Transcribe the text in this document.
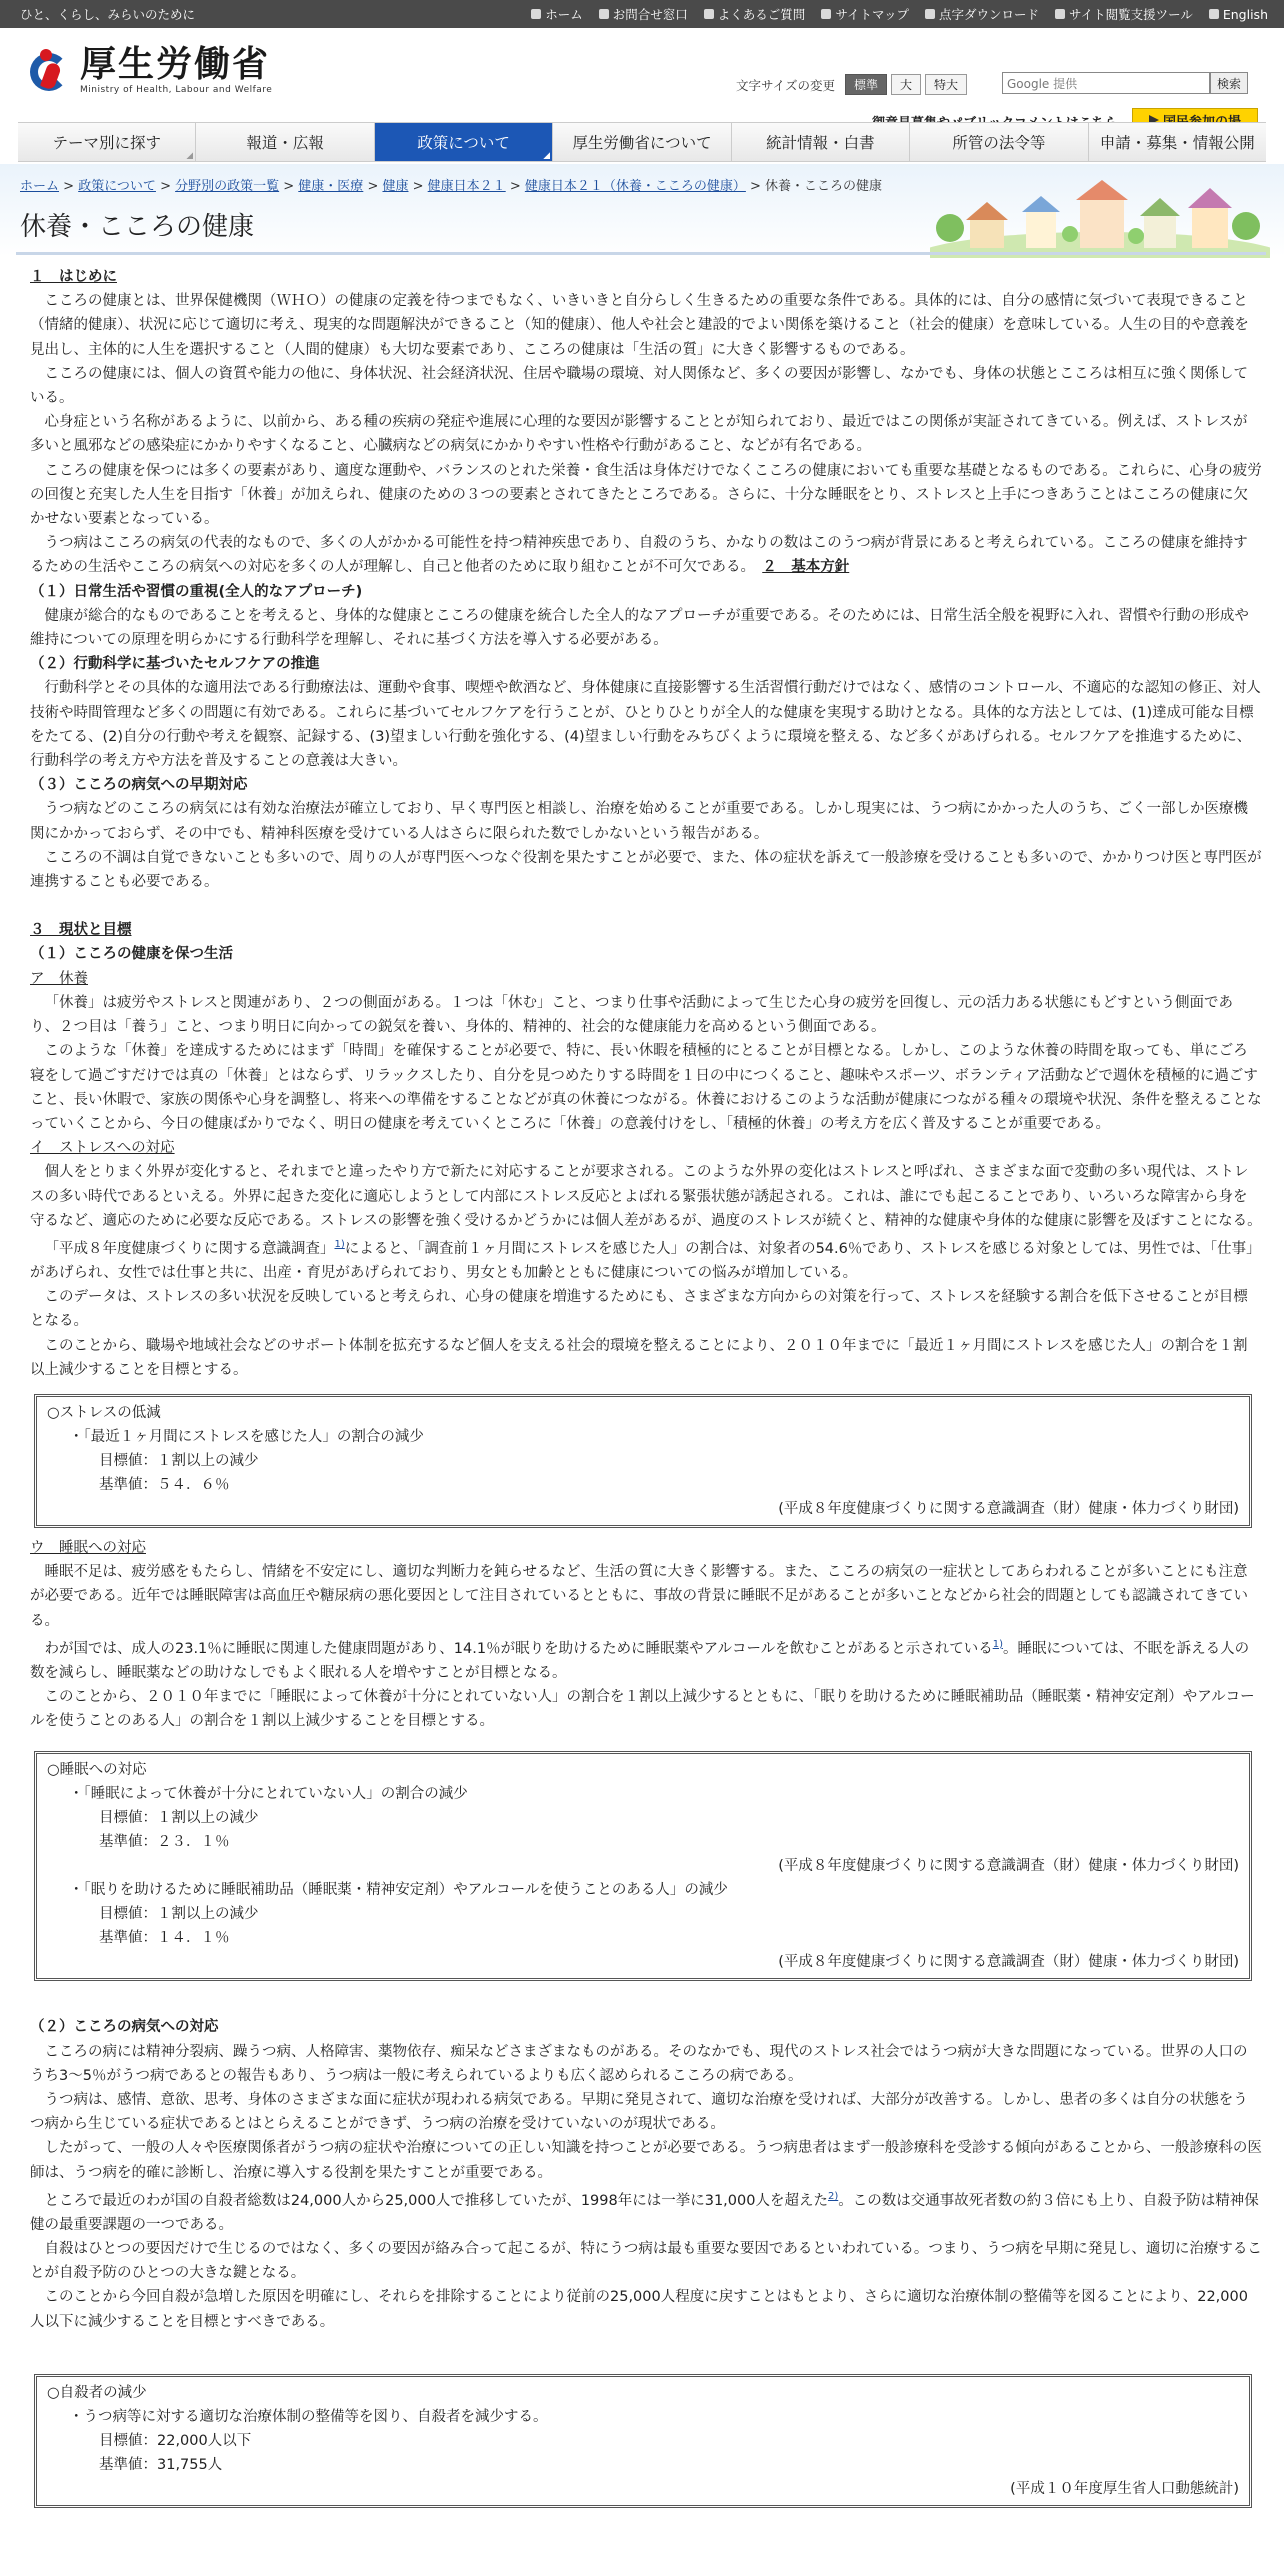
ひと、くらし、みらいのために	ホーム お問合せ窓口 よくあるご質問 サイトマップ 点字ダウンロード サイト閲覧支援ツール English
厚生労働省
Ministry of Health, Labour and Welfare	文字サイズの変更	標準	大	特大	Google 提供	検索
テーマ別に探す	報道・広報	政策について	厚生労働省について	統計情報・白書	所管の法令等	申請・募集・情報公開
ホーム > 政策について > 分野別の政策一覧 > 健康・医療 > 健康 > 健康日本２１ > 健康日本２１（休養・こころの健康） > 休養・こころの健康
休養・こころの健康
１　はじめに

こころの健康とは、世界保健機関（ＷＨＯ）の健康の定義を待つまでもなく、いきいきと自分らしく生きるための重要な条件である。具体的には、自分の感情に気づいて表現できること（情緒的健康）、状況に応じて適切に考え、現実的な問題解決ができること（知的健康）、他人や社会と建設的でよい関係を築けること（社会的健康）を意味している。人生の目的や意義を見出し、主体的に人生を選択すること（人間的健康）も大切な要素であり、こころの健康は「生活の質」に大きく影響するものである。

こころの健康には、個人の資質や能力の他に、身体状況、社会経済状況、住居や職場の環境、対人関係など、多くの要因が影響し、なかでも、身体の状態とこころは相互に強く関係している。

心身症という名称があるように、以前から、ある種の疾病の発症や進展に心理的な要因が影響することとが知られており、最近ではこの関係が実証されてきている。例えば、ストレスが多いと風邪などの感染症にかかりやすくなること、心臓病などの病気にかかりやすい性格や行動があること、などが有名である。

こころの健康を保つには多くの要素があり、適度な運動や、バランスのとれた栄養・食生活は身体だけでなくこころの健康においても重要な基礎となるものである。これらに、心身の疲労の回復と充実した人生を目指す「休養」が加えられ、健康のための３つの要素とされてきたところである。さらに、十分な睡眠をとり、ストレスと上手につきあうことはこころの健康に欠かせない要素となっている。

うつ病はこころの病気の代表的なもので、多くの人がかかる可能性を持つ精神疾患であり、自殺のうち、かなりの数はこのうつ病が背景にあると考えられている。こころの健康を維持するための生活やこころの病気への対応を多くの人が理解し、自己と他者のために取り組むことが不可欠である。　 ２　基本方針

（１）日常生活や習慣の重視(全人的なアプローチ)

健康が総合的なものであることを考えると、身体的な健康とこころの健康を統合した全人的なアプローチが重要である。そのためには、日常生活全般を視野に入れ、習慣や行動の形成や維持についての原理を明らかにする行動科学を理解し、それに基づく方法を導入する必要がある。

（２）行動科学に基づいたセルフケアの推進

行動科学とその具体的な適用法である行動療法は、運動や食事、喫煙や飲酒など、身体健康に直接影響する生活習慣行動だけではなく、感情のコントロール、不適応的な認知の修正、対人技術や時間管理など多くの問題に有効である。これらに基づいてセルフケアを行うことが、ひとりひとりが全人的な健康を実現する助けとなる。具体的な方法としては、(1)達成可能な目標をたてる、(2)自分の行動や考えを観察、記録する、(3)望ましい行動を強化する、(4)望ましい行動をみちびくように環境を整える、など多くがあげられる。セルフケアを推進するために、行動科学の考え方や方法を普及することの意義は大きい。

（３）こころの病気への早期対応

うつ病などのこころの病気には有効な治療法が確立しており、早く専門医と相談し、治療を始めることが重要である。しかし現実には、うつ病にかかった人のうち、ごく一部しか医療機関にかかっておらず、その中でも、精神科医療を受けている人はさらに限られた数でしかないという報告がある。

こころの不調は自覚できないことも多いので、周りの人が専門医へつなぐ役割を果たすことが必要で、また、体の症状を訴えて一般診療を受けることも多いので、かかりつけ医と専門医が連携することも必要である。

３　現状と目標
（１）こころの健康を保つ生活
ア　休養

「休養」は疲労やストレスと関連があり、２つの側面がある。１つは「休む」こと、つまり仕事や活動によって生じた心身の疲労を回復し、元の活力ある状態にもどすという側面であり、２つ目は「養う」こと、つまり明日に向かっての鋭気を養い、身体的、精神的、社会的な健康能力を高めるという側面である。

このような「休養」を達成するためにはまず「時間」を確保することが必要で、特に、長い休暇を積極的にとることが目標となる。しかし、このような休養の時間を取っても、単にごろ寝をして過ごすだけでは真の「休養」とはならず、リラックスしたり、自分を見つめたりする時間を１日の中につくること、趣味やスポーツ、ボランティア活動などで週休を積極的に過ごすこと、長い休暇で、家族の関係や心身を調整し、将来への準備をすることなどが真の休養につながる。休養におけるこのような活動が健康につながる種々の環境や状況、条件を整えることなっていくことから、今日の健康ばかりでなく、明日の健康を考えていくところに「休養」の意義付けをし、「積極的休養」の考え方を広く普及することが重要である。

イ　ストレスへの対応

個人をとりまく外界が変化すると、それまでと違ったやり方で新たに対応することが要求される。このような外界の変化はストレスと呼ばれ、さまざまな面で変動の多い現代は、ストレスの多い時代であるといえる。外界に起きた変化に適応しようとして内部にストレス反応とよばれる緊張状態が誘起される。これは、誰にでも起こることであり、いろいろな障害から身を守るなど、適応のために必要な反応である。ストレスの影響を強く受けるかどうかには個人差があるが、過度のストレスが続くと、精神的な健康や身体的な健康に影響を及ぼすことになる。

「平成８年度健康づくりに関する意識調査」$^{1)}$によると、「調査前１ヶ月間にストレスを感じた人」の割合は、対象者の54.6％であり、ストレスを感じる対象としては、男性では、「仕事」があげられ、女性では仕事と共に、出産・育児があげられており、男女とも加齢とともに健康についての悩みが増加している。

このデータは、ストレスの多い状況を反映していると考えられ、心身の健康を増進するためにも、さまざまな方向からの対策を行って、ストレスを経験する割合を低下させることが目標となる。

このことから、職場や地域社会などのサポート体制を拡充するなど個人を支える社会的環境を整えることにより、２０１０年までに「最近１ヶ月間にストレスを感じた人」の割合を１割以上減少することを目標とする。

○ストレスの低減
・「最近１ヶ月間にストレスを感じた人」の割合の減少
目標値：１割以上の減少
基準値：５４．６％
(平成８年度健康づくりに関する意識調査（財）健康・体力づくり財団)
ウ　睡眠への対応

睡眠不足は、疲労感をもたらし、情緒を不安定にし、適切な判断力を鈍らせるなど、生活の質に大きく影響する。また、こころの病気の一症状としてあらわれることが多いことにも注意が必要である。近年では睡眠障害は高血圧や糖尿病の悪化要因として注目されているとともに、事故の背景に睡眠不足があることが多いことなどから社会的問題としても認識されてきている。

わが国では、成人の23.1％に睡眠に関連した健康問題があり、14.1％が眠りを助けるために睡眠薬やアルコールを飲むことがあると示されている$^{1)}$。睡眠については、不眠を訴える人の数を減らし、睡眠薬などの助けなしでもよく眠れる人を増やすことが目標となる。

このことから、２０１０年までに「睡眠によって休養が十分にとれていない人」の割合を１割以上減少するとともに、「眠りを助けるために睡眠補助品（睡眠薬・精神安定剤）やアルコールを使うことのある人」の割合を１割以上減少することを目標とする。

○睡眠への対応
・「睡眠によって休養が十分にとれていない人」の割合の減少
目標値：１割以上の減少
基準値：２３．１％
(平成８年度健康づくりに関する意識調査（財）健康・体力づくり財団)
・「眠りを助けるために睡眠補助品（睡眠薬・精神安定剤）やアルコールを使うことのある人」の減少
目標値：１割以上の減少
基準値：１４．１％
(平成８年度健康づくりに関する意識調査（財）健康・体力づくり財団)
（２）こころの病気への対応

こころの病には精神分裂病、躁うつ病、人格障害、薬物依存、痴呆などさまざまなものがある。そのなかでも、現代のストレス社会ではうつ病が大きな問題になっている。世界の人口のうち3～5％がうつ病であるとの報告もあり、うつ病は一般に考えられているよりも広く認められるこころの病である。

うつ病は、感情、意欲、思考、身体のさまざまな面に症状が現われる病気である。早期に発見されて、適切な治療を受ければ、大部分が改善する。しかし、患者の多くは自分の状態をうつ病から生じている症状であるとはとらえることができず、うつ病の治療を受けていないのが現状である。

したがって、一般の人々や医療関係者がうつ病の症状や治療についての正しい知識を持つことが必要である。うつ病患者はまず一般診療科を受診する傾向があることから、一般診療科の医師は、うつ病を的確に診断し、治療に導入する役割を果たすことが重要である。

ところで最近のわが国の自殺者総数は24,000人から25,000人で推移していたが、1998年には一挙に31,000人を超えた$^{2)}$。この数は交通事故死者数の約３倍にも上り、自殺予防は精神保健の最重要課題の一つである。

自殺はひとつの要因だけで生じるのではなく、多くの要因が絡み合って起こるが、特にうつ病は最も重要な要因であるといわれている。つまり、うつ病を早期に発見し、適切に治療することが自殺予防のひとつの大きな鍵となる。

このことから今回自殺が急増した原因を明確にし、それらを排除することにより従前の25,000人程度に戻すことはもとより、さらに適切な治療体制の整備等を図ることにより、22,000人以下に減少することを目標とすべきである。

○自殺者の減少
・うつ病等に対する適切な治療体制の整備等を図り、自殺者を減少する。
目標値：22,000人以下
基準値：31,755人
(平成１０年度厚生省人口動態統計)
